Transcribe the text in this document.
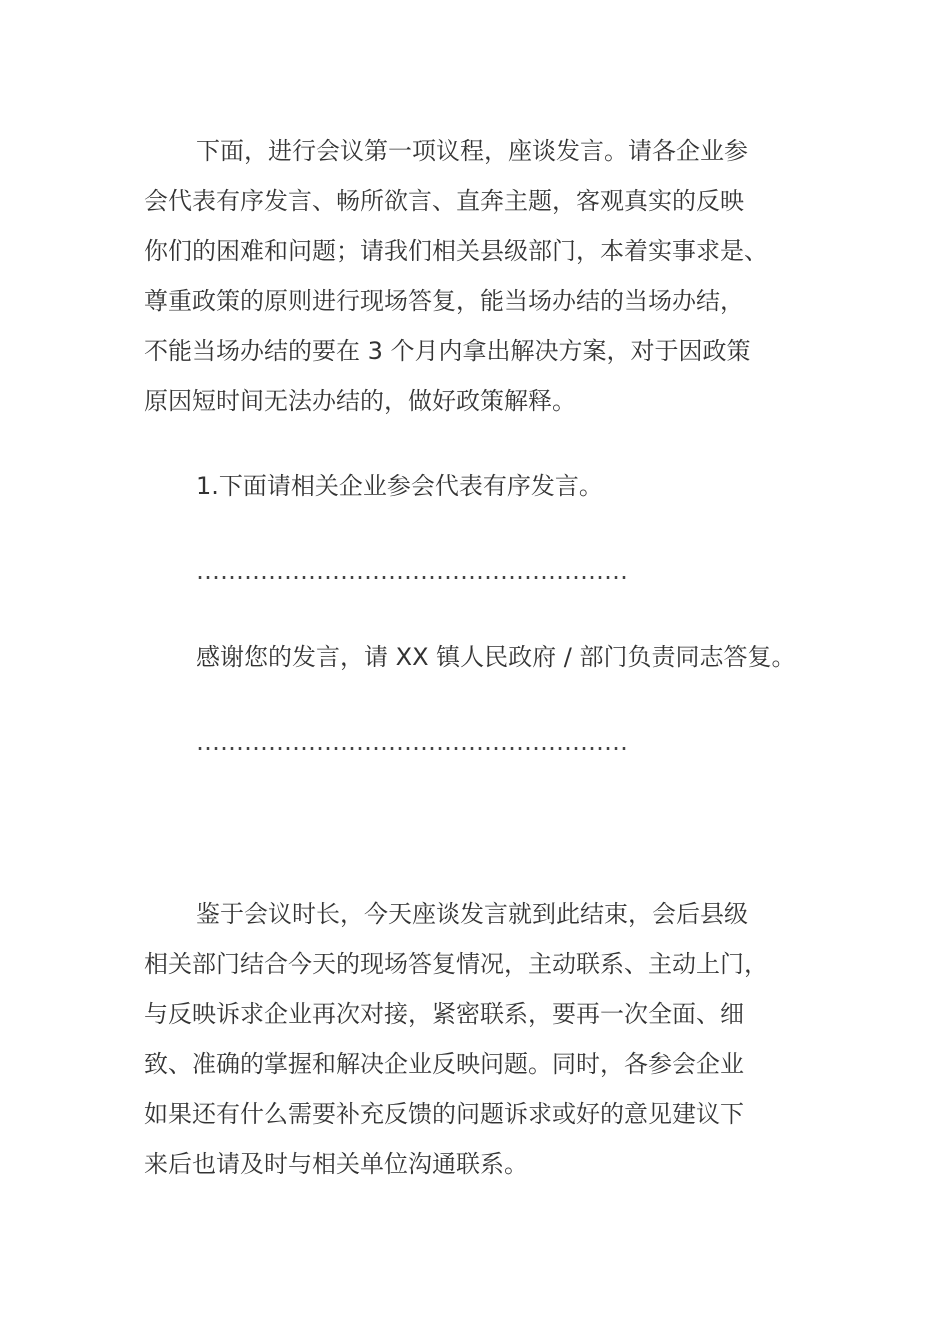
下面，进行会议第一项议程，座谈发言。请各企业参
会代表有序发言、畅所欲言、直奔主题，客观真实的反映
你们的困难和问题；请我们相关县级部门，本着实事求是、
尊重政策的原则进行现场答复，能当场办结的当场办结，
不能当场办结的要在 3 个月内拿出解决方案，对于因政策
原因短时间无法办结的，做好政策解释。
1.下面请相关企业参会代表有序发言。
………………………………………………
感谢您的发言，请 XX 镇人民政府 / 部门负责同志答复。
………………………………………………
鉴于会议时长，今天座谈发言就到此结束，会后县级
相关部门结合今天的现场答复情况，主动联系、主动上门，
与反映诉求企业再次对接，紧密联系，要再一次全面、细
致、准确的掌握和解决企业反映问题。同时，各参会企业
如果还有什么需要补充反馈的问题诉求或好的意见建议下
来后也请及时与相关单位沟通联系。
